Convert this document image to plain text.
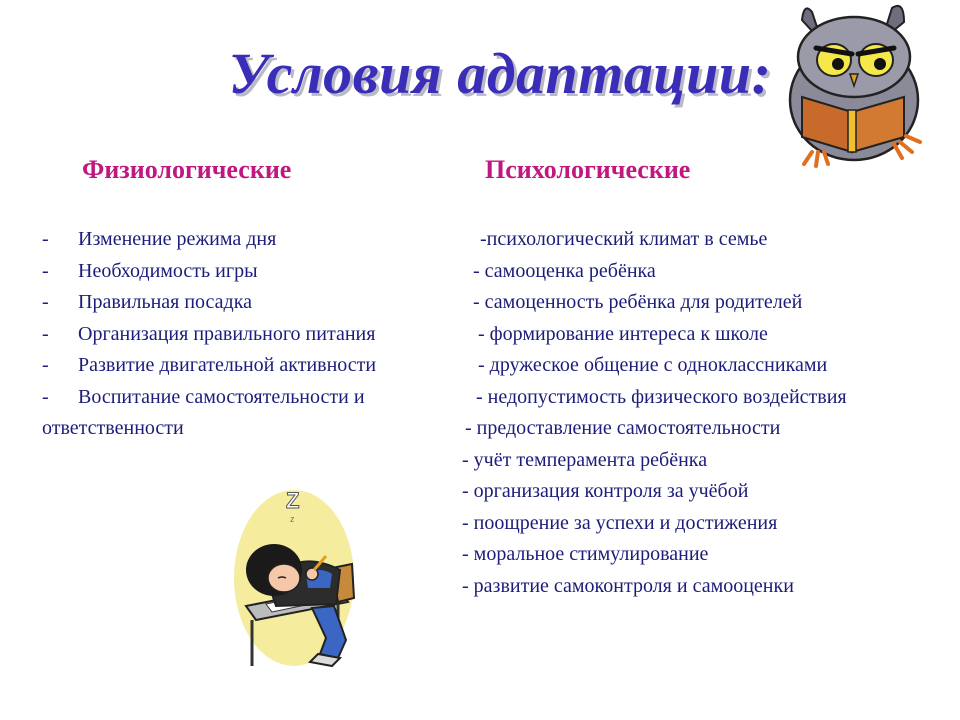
Условия адаптации:
Физиологические	Психологические
- Изменение режима дня
- Необходимость игры
- Правильная посадка
- Организация правильного питания
- Развитие двигательной активности
- Воспитание самостоятельности и
ответственности
-психологический климат в семье
- самооценка ребёнка
- самоценность ребёнка для родителей
- формирование интереса к школе
- дружеское общение с одноклассниками
- недопустимость физического воздействия
- предоставление самостоятельности
- учёт темперамента ребёнка
- организация контроля за учёбой
- поощрение за успехи и достижения
- моральное стимулирование
- развитие самоконтроля и самооценки
Z
z
